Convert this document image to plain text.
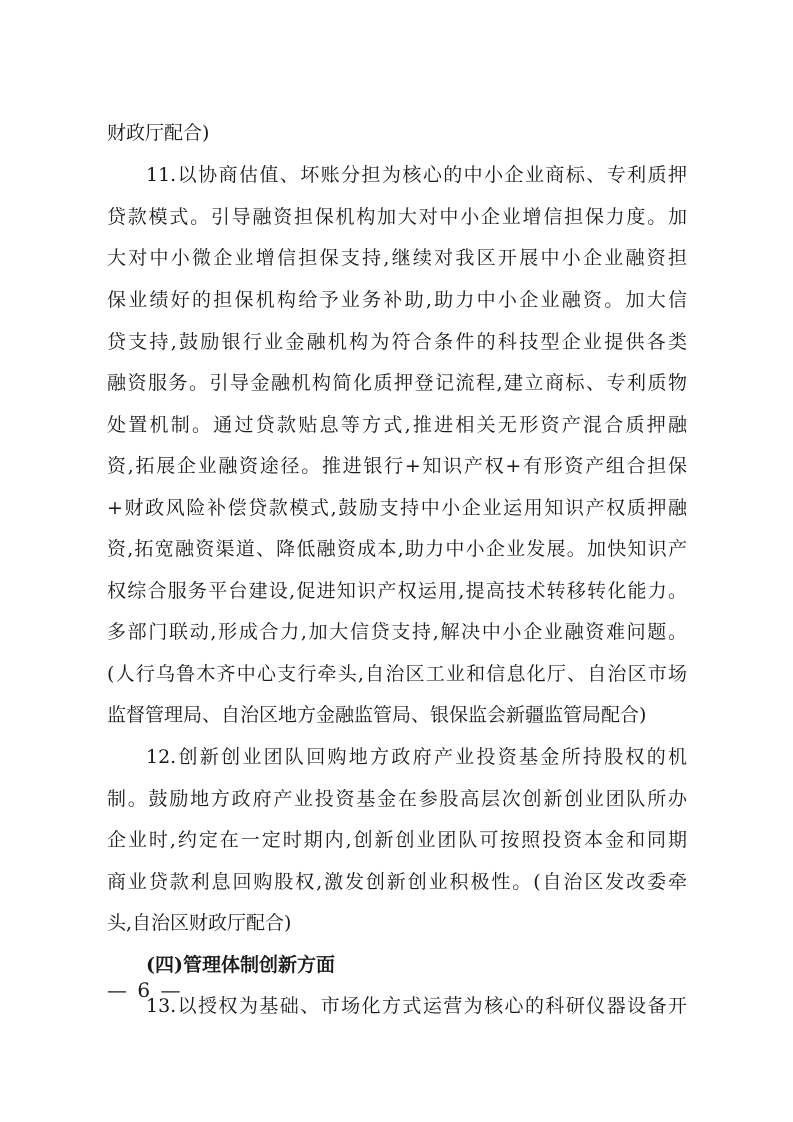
财政厅配合)
11.以协商估值、坏账分担为核心的中小企业商标、专利质押
贷款模式。引导融资担保机构加大对中小企业增信担保力度。加
大对中小微企业增信担保支持,继续对我区开展中小企业融资担
保业绩好的担保机构给予业务补助,助力中小企业融资。加大信
贷支持,鼓励银行业金融机构为符合条件的科技型企业提供各类
融资服务。引导金融机构简化质押登记流程,建立商标、专利质物
处置机制。通过贷款贴息等方式,推进相关无形资产混合质押融
资,拓展企业融资途径。推进银行+知识产权+有形资产组合担保
+财政风险补偿贷款模式,鼓励支持中小企业运用知识产权质押融
资,拓宽融资渠道、降低融资成本,助力中小企业发展。加快知识产
权综合服务平台建设,促进知识产权运用,提高技术转移转化能力。
多部门联动,形成合力,加大信贷支持,解决中小企业融资难问题。
(人行乌鲁木齐中心支行牵头,自治区工业和信息化厅、自治区市场
监督管理局、自治区地方金融监管局、银保监会新疆监管局配合)
12.创新创业团队回购地方政府产业投资基金所持股权的机
制。鼓励地方政府产业投资基金在参股高层次创新创业团队所办
企业时,约定在一定时期内,创新创业团队可按照投资本金和同期
商业贷款利息回购股权,激发创新创业积极性。(自治区发改委牵
头,自治区财政厅配合)
(四)管理体制创新方面
13.以授权为基础、市场化方式运营为核心的科研仪器设备开
— 6 —
